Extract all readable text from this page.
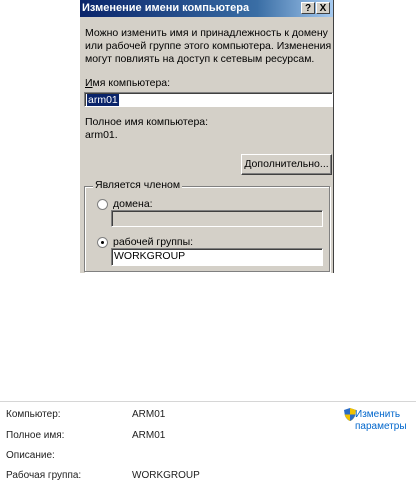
Изменение имени компьютера	? X
Можно изменить имя и принадлежность к домену или рабочей группе этого компьютера. Изменения могут повлиять на доступ к сетевым ресурсам.
Имя компьютера:
arm01
Полное имя компьютера:
arm01.
Дополнительно...
Является членом
домена:
рабочей группы:
WORKGROUP
Компьютер:	ARM01
Полное имя:	ARM01
Описание:
Рабочая группа:	WORKGROUP
Изменить
параметры
